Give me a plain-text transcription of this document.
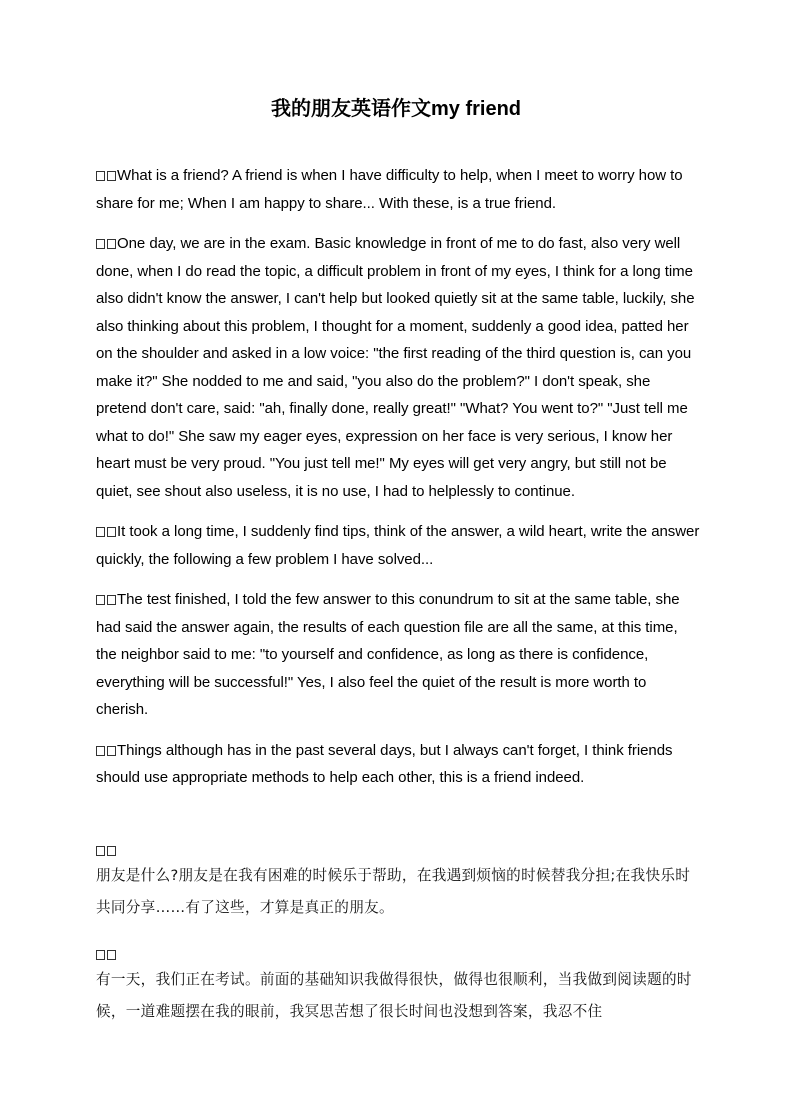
我的朋友英语作文my friend

What is a friend? A friend is when I have difficulty to help, when I meet to worry how to share for me; When I am happy to share... With these, is a true friend.

One day, we are in the exam. Basic knowledge in front of me to do fast, also very well done, when I do read the topic, a difficult problem in front of my eyes, I think for a long time also didn't know the answer, I can't help but looked quietly sit at the same table, luckily, she also thinking about this problem, I thought for a moment, suddenly a good idea, patted her on the shoulder and asked in a low voice: "the first reading of the third question is, can you make it?" She nodded to me and said, "you also do the problem?" I don't speak, she pretend don't care, said: "ah, finally done, really great!" "What? You went to?" "Just tell me what to do!" She saw my eager eyes, expression on her face is very serious, I know her heart must be very proud. "You just tell me!" My eyes will get very angry, but still not be quiet, see shout also useless, it is no use, I had to helplessly to continue.

It took a long time, I suddenly find tips, think of the answer, a wild heart, write the answer quickly, the following a few problem I have solved...

The test finished, I told the few answer to this conundrum to sit at the same table, she had said the answer again, the results of each question file are all the same, at this time, the neighbor said to me: "to yourself and confidence, as long as there is confidence, everything will be successful!" Yes, I also feel the quiet of the result is more worth to cherish.

Things although has in the past several days, but I always can't forget, I think friends should use appropriate methods to help each other, this is a friend indeed.

朋友是什么?朋友是在我有困难的时候乐于帮助，在我遇到烦恼的时候替我分担;在我快乐时共同分享……有了这些，才算是真正的朋友。

有一天，我们正在考试。前面的基础知识我做得很快，做得也很顺利，当我做到阅读题的时候，一道难题摆在我的眼前，我冥思苦想了很长时间也没想到答案，我忍不住
